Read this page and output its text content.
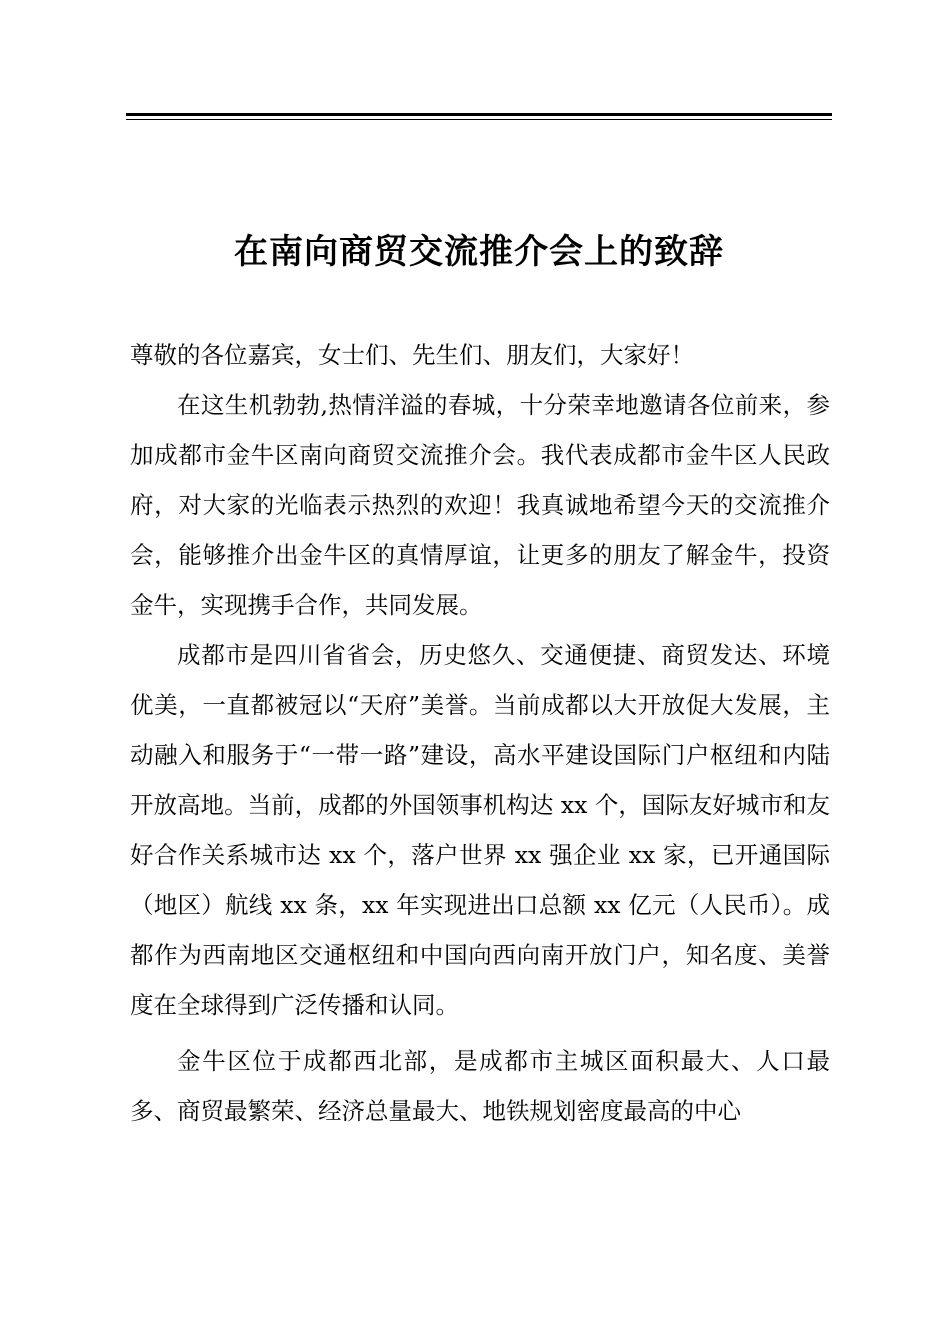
在南向商贸交流推介会上的致辞

尊敬的各位嘉宾，女士们、先生们、朋友们，大家好！

在这生机勃勃,热情洋溢的春城，十分荣幸地邀请各位前来，参加成都市金牛区南向商贸交流推介会。我代表成都市金牛区人民政府，对大家的光临表示热烈的欢迎！我真诚地希望今天的交流推介会，能够推介出金牛区的真情厚谊，让更多的朋友了解金牛，投资金牛，实现携手合作，共同发展。

成都市是四川省省会，历史悠久、交通便捷、商贸发达、环境优美，一直都被冠以“天府”美誉。当前成都以大开放促大发展，主动融入和服务于“一带一路”建设，高水平建设国际门户枢纽和内陆开放高地。当前，成都的外国领事机构达 xx 个，国际友好城市和友好合作关系城市达 xx 个，落户世界 xx 强企业 xx 家，已开通国际（地区）航线 xx 条，xx 年实现进出口总额 xx 亿元（人民币）。成都作为西南地区交通枢纽和中国向西向南开放门户，知名度、美誉度在全球得到广泛传播和认同。

金牛区位于成都西北部，是成都市主城区面积最大、人口最多、商贸最繁荣、经济总量最大、地铁规划密度最高的中心
